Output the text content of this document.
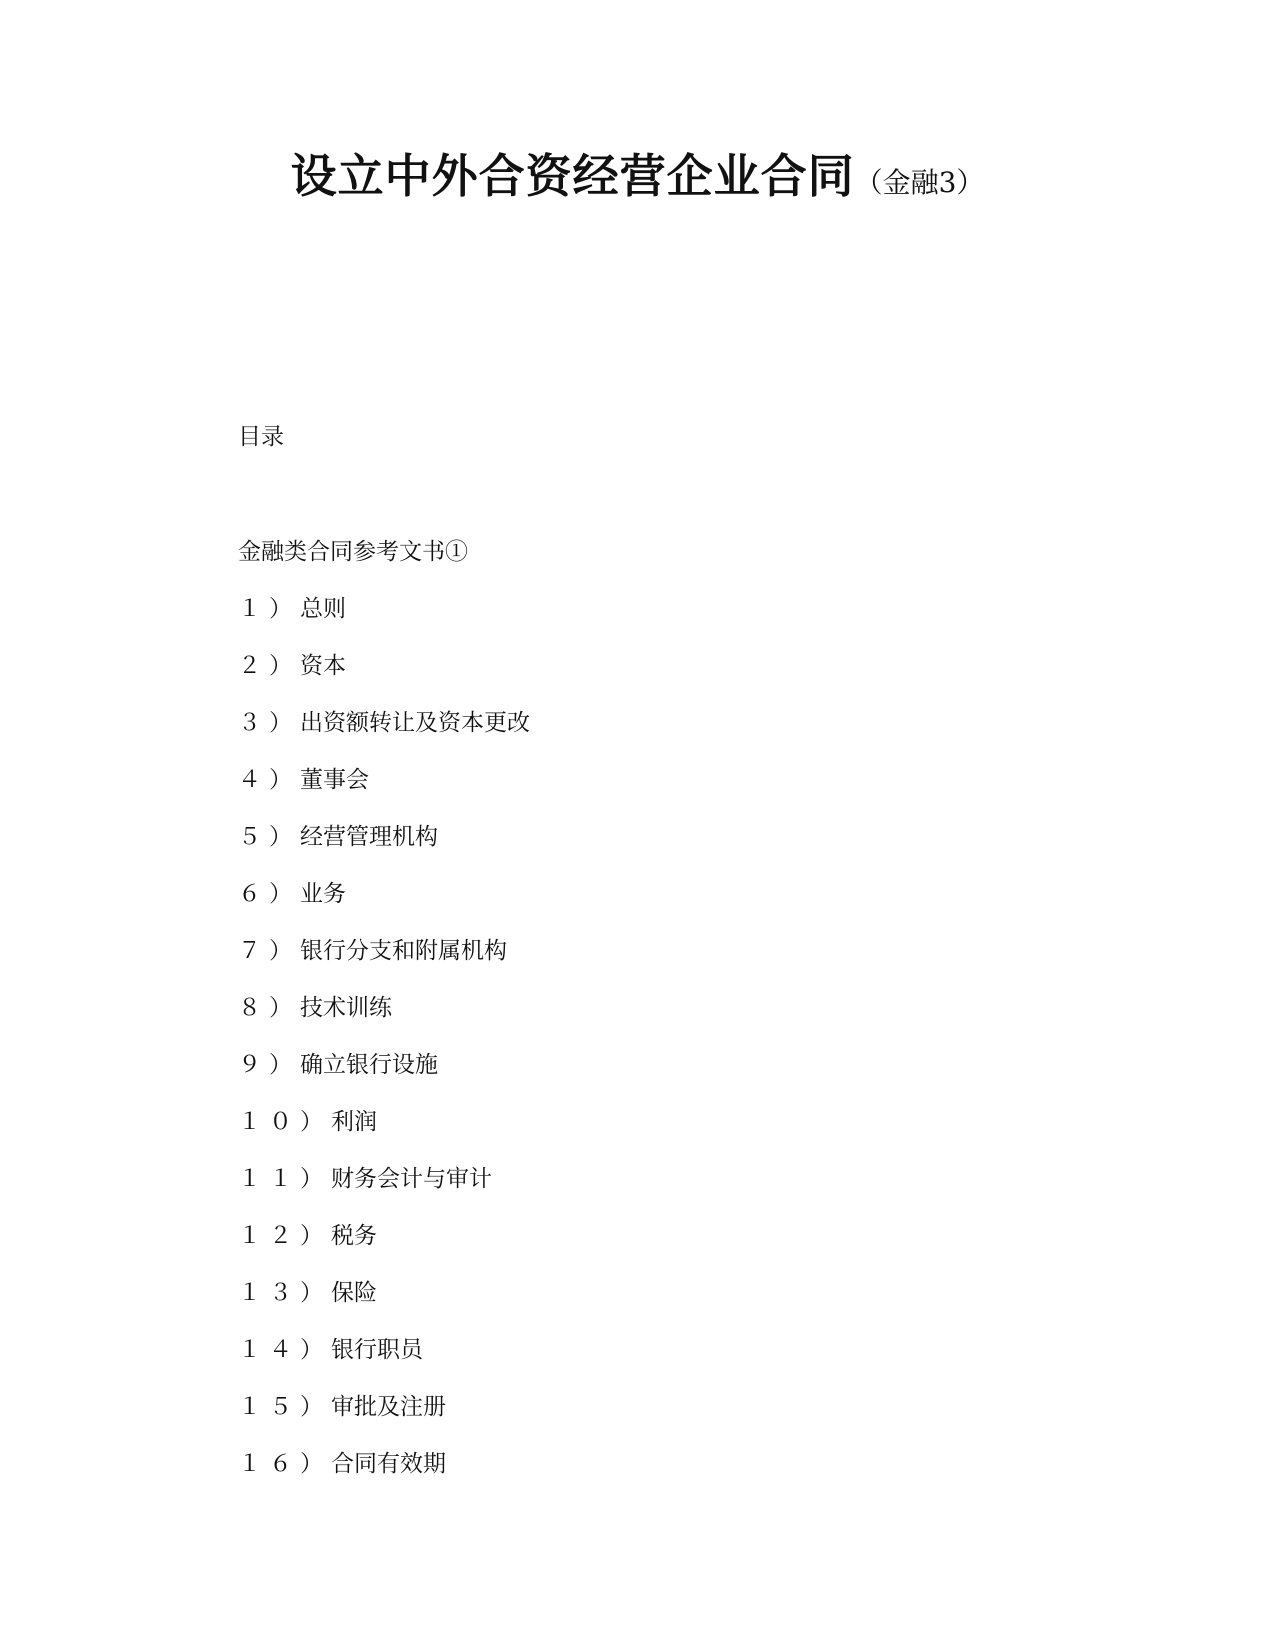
设立中外合资经营企业合同（金融3）
目录
金融类合同参考文书①
１）总则
２）资本
３）出资额转让及资本更改
４）董事会
５）经营管理机构
６）业务
７）银行分支和附属机构
８）技术训练
９）确立银行设施
１０）利润
１１）财务会计与审计
１２）税务
１３）保险
１４）银行职员
１５）审批及注册
１６）合同有效期
